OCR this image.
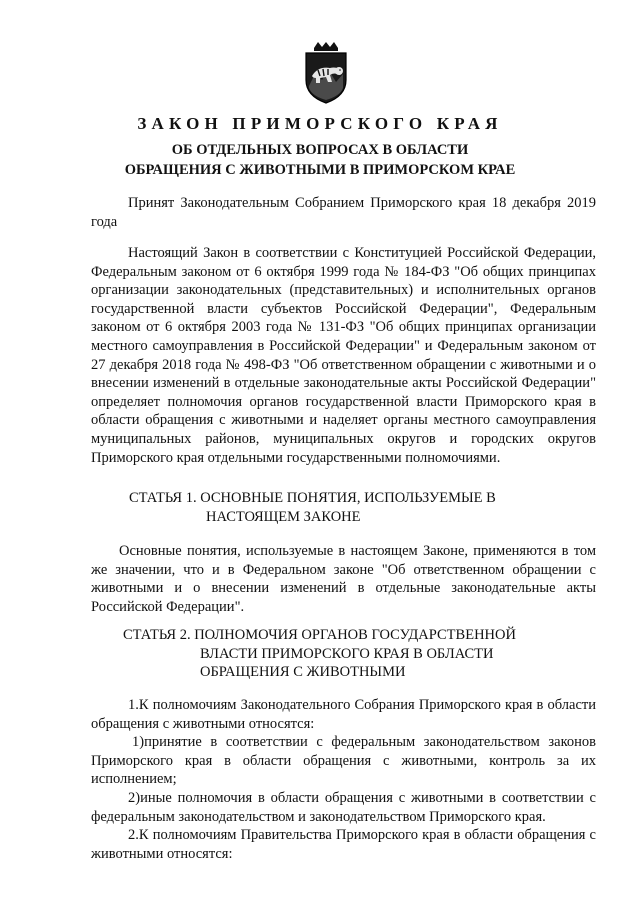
ЗАКОН ПРИМОРСКОГО КРАЯ
ОБ ОТДЕЛЬНЫХ ВОПРОСАХ В ОБЛАСТИ
ОБРАЩЕНИЯ С ЖИВОТНЫМИ В ПРИМОРСКОМ КРАЕ

Принят Законодательным Собранием Приморского края 18 декабря 2019 года

Настоящий Закон в соответствии с Конституцией Российской Федерации, Федеральным законом от 6 октября 1999 года № 184-ФЗ "Об общих принципах организации законодательных (представительных) и исполнительных органов государственной власти субъектов Российской Федерации", Федеральным законом от 6 октября 2003 года № 131-ФЗ "Об общих принципах организации местного самоуправления в Российской Федерации" и Федеральным законом от 27 декабря 2018 года № 498-ФЗ "Об ответственном обращении с животными и о внесении изменений в отдельные законодательные акты Российской Федерации" определяет полномочия органов государственной власти Приморского края в области обращения с животными и наделяет органы местного самоуправления муниципальных районов, муниципальных округов и городских округов Приморского края отдельными государственными полномочиями.

СТАТЬЯ 1. ОСНОВНЫЕ ПОНЯТИЯ, ИСПОЛЬЗУЕМЫЕ В
НАСТОЯЩЕМ ЗАКОНЕ

Основные понятия, используемые в настоящем Законе, применяются в том же значении, что и в Федеральном законе "Об ответственном обращении с животными и о внесении изменений в отдельные законодательные акты Российской Федерации".

СТАТЬЯ 2. ПОЛНОМОЧИЯ ОРГАНОВ ГОСУДАРСТВЕННОЙ
ВЛАСТИ ПРИМОРСКОГО КРАЯ В ОБЛАСТИ
ОБРАЩЕНИЯ С ЖИВОТНЫМИ

1.К полномочиям Законодательного Собрания Приморского края в области обращения с животными относятся:

1)принятие в соответствии с федеральным законодательством законов Приморского края в области обращения с животными, контроль за их исполнением;

2)иные полномочия в области обращения с животными в соответствии с федеральным законодательством и законодательством Приморского края.

2.К полномочиям Правительства Приморского края в области обращения с животными относятся:
